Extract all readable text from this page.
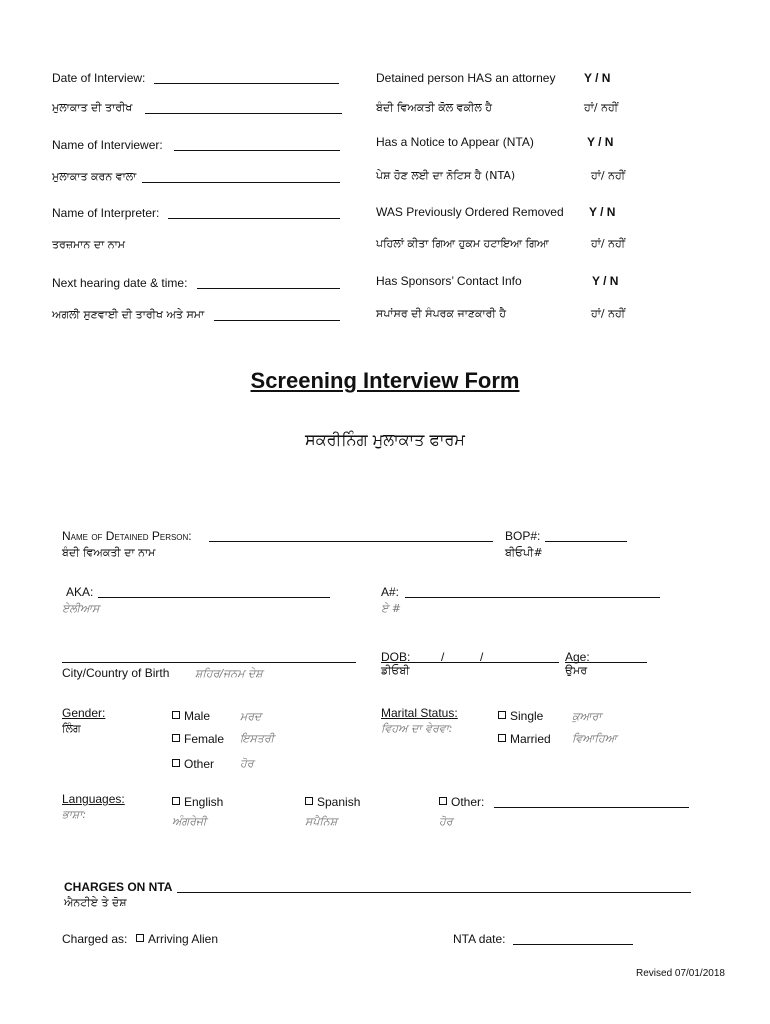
Date of Interview:
ਮੁਲਾਕਾਤ ਦੀ ਤਾਰੀਖ
Name of Interviewer:
ਮੁਲਾਕਾਤ ਕਰਨ ਵਾਲਾ
Name of Interpreter:
ਤਰਜ਼ਮਾਨ ਦਾ ਨਾਮ
Next hearing date & time:
ਅਗਲੀ ਸੁਣਵਾਈ ਦੀ ਤਾਰੀਖ ਅਤੇ ਸਮਾ
Detained person HAS an attorney Y / N
ਬੰਦੀ ਵਿਅਕਤੀ ਕੋਲ ਵਕੀਲ ਹੈ	ਹਾਂ/ ਨਹੀਂ
Has a Notice to Appear (NTA)	Y / N
ਪੇਸ਼ ਹੋਣ ਲਈ ਦਾ ਨੋਟਿਸ ਹੈ (NTA)	ਹਾਂ/ ਨਹੀਂ
WAS Previously Ordered Removed Y / N
ਪਹਿਲਾਂ ਕੀਤਾ ਗਿਆ ਹੁਕਮ ਹਟਾਇਆ ਗਿਆ	ਹਾਂ/ ਨਹੀਂ
Has Sponsors’ Contact Info	Y / N
ਸਪਾਂਸਰ ਦੀ ਸੰਪਰਕ ਜਾਣਕਾਰੀ ਹੈ	ਹਾਂ/ ਨਹੀਂ
Screening Interview Form
ਸਕਰੀਨਿੰਗ ਮੁਲਾਕਾਤ ਫਾਰਮ
Name of Detained Person:
ਬੰਦੀ ਵਿਅਕਤੀ ਦਾ ਨਾਮ
BOP#:
ਬੀਓਪੀ#
AKA:
ਏਲੀਆਸ
A#:
ਏ #
City/Country of Birth ਸ਼ਹਿਰ/ਜਨਮ ਦੇਸ਼
DOB:	/	/
ਡੀਓਬੀ
Age:
ਉਮਰ
Gender:
ਲਿੰਗ
Male	ਮਰਦ
Female ਇਸਤਰੀ
Other ਹੋਰ
Marital Status:
ਵਿਹਅ ਦਾ ਵੇਰਵਾ:
Single	ਕੁਆਰਾ
Married ਵਿਆਹਿਆ
Languages:
ਭਾਸ਼ਾ:
English
ਅੰਗਰੇਜੀ
Spanish
ਸਪੈਨਿਸ਼
Other:
ਹੋਰ
CHARGES ON NTA
ਐਨਟੀਏ ਤੇ ਦੋਸ਼
Charged as:	Arriving Alien	NTA date:
Revised 07/01/2018
